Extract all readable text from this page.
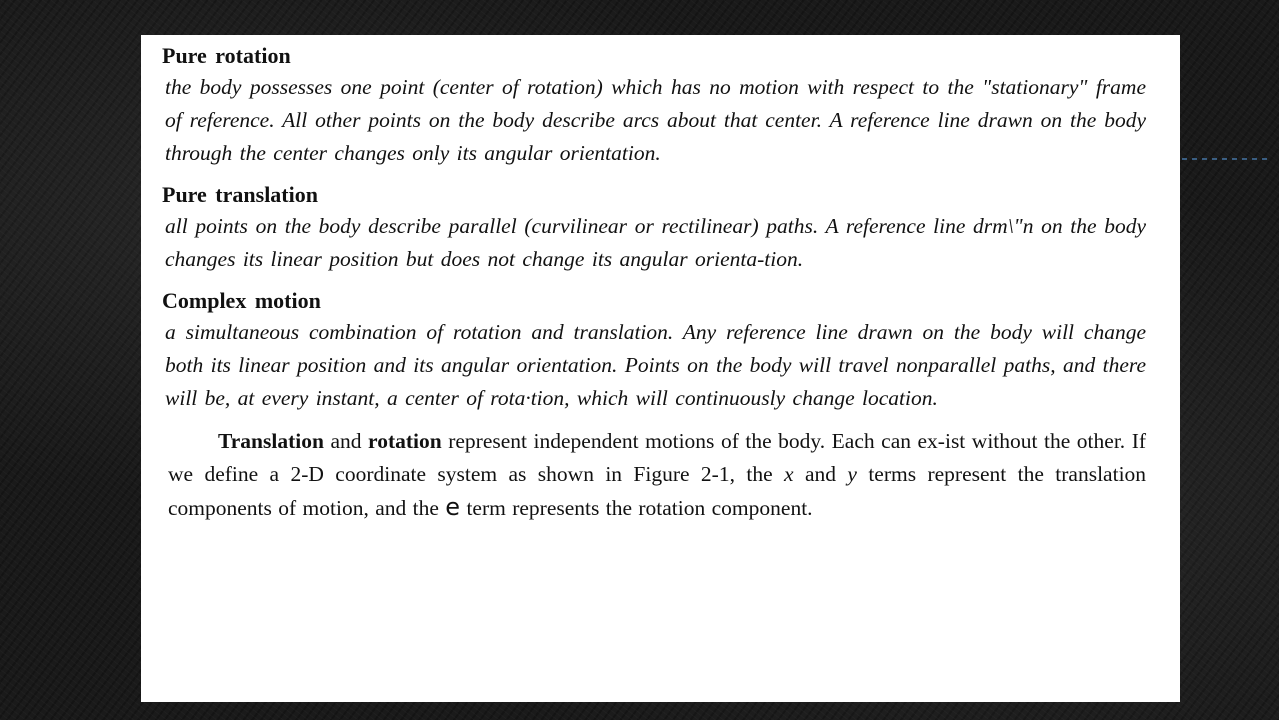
Pure rotation
the body possesses one point (center of rotation) which has no motion with respect to the "stationary" frame of reference. All other points on the body describe arcs about that center. A reference line drawn on the body through the center changes only its angular orientation.
Pure translation
all points on the body describe parallel (curvilinear or rectilinear) paths. A reference line drm\"n on the body changes its linear position but does not change its angular orienta-tion.
Complex motion
a simultaneous combination of rotation and translation. Any reference line drawn on the body will change both its linear position and its angular orientation. Points on the body will travel nonparallel paths, and there will be, at every instant, a center of rota·tion, which will continuously change location.
Translation and rotation represent independent motions of the body. Each can ex-ist without the other. If we define a 2-D coordinate system as shown in Figure 2-1, the x and y terms represent the translation components of motion, and the e term represents the rotation component.
